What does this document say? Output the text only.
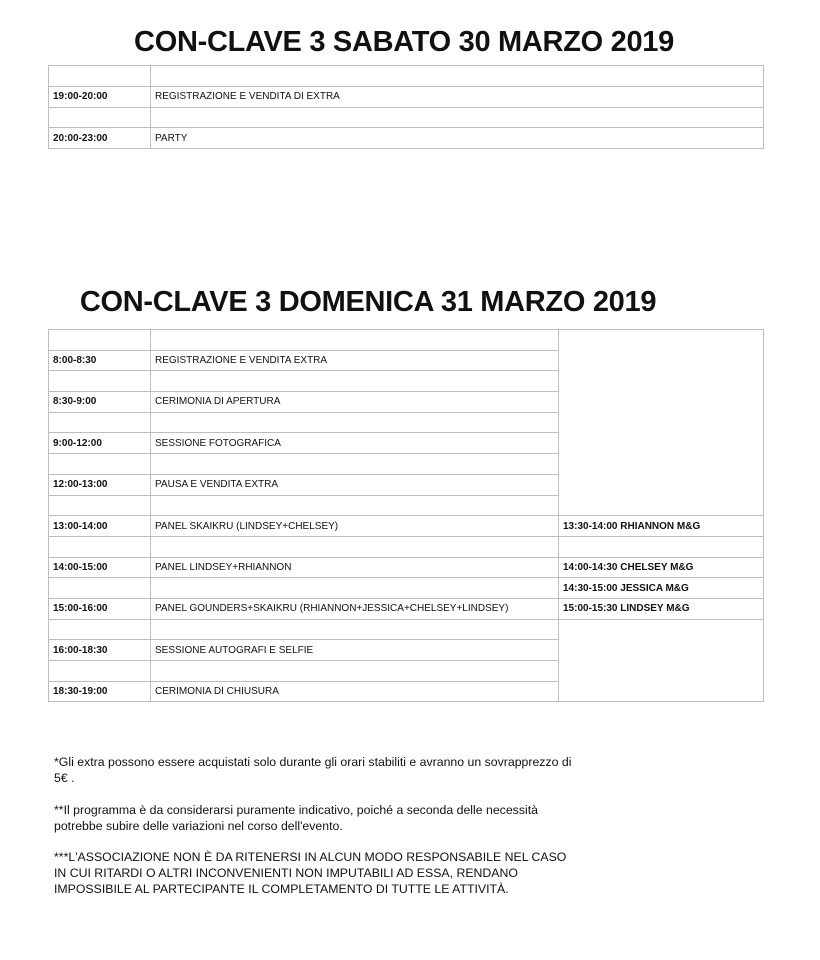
CON-CLAVE 3 SABATO 30 MARZO 2019

19:00-20:00	REGISTRAZIONE E VENDITA DI EXTRA

20:00-23:00	PARTY
CON-CLAVE 3 DOMENICA 31 MARZO 2019

8:00-8:30	REGISTRAZIONE E VENDITA EXTRA	

8:30-9:00	CERIMONIA DI APERTURA	

9:00-12:00	SESSIONE FOTOGRAFICA	

12:00-13:00	PAUSA E VENDITA EXTRA	

13:00-14:00	PANEL SKAIKRU (LINDSEY+CHELSEY)	13:30-14:00 RHIANNON M&G

14:00-15:00	PANEL LINDSEY+RHIANNON	14:00-14:30 CHELSEY M&G
		14:30-15:00 JESSICA M&G
15:00-16:00	PANEL GOUNDERS+SKAIKRU (RHIANNON+JESSICA+CHELSEY+LINDSEY)	15:00-15:30 LINDSEY M&G

16:00-18:30	SESSIONE AUTOGRAFI E SELFIE	

18:30-19:00	CERIMONIA DI CHIUSURA	

*Gli extra possono essere acquistati solo durante gli orari stabiliti e avranno un sovrapprezzo di 5€ .

**Il programma è da considerarsi puramente indicativo, poiché a seconda delle necessità potrebbe subire delle variazioni nel corso dell'evento.

***L'ASSOCIAZIONE NON È DA RITENERSI IN ALCUN MODO RESPONSABILE NEL CASO IN CUI RITARDI O ALTRI INCONVENIENTI NON IMPUTABILI AD ESSA, RENDANO IMPOSSIBILE AL PARTECIPANTE IL COMPLETAMENTO DI TUTTE LE ATTIVITÀ.
